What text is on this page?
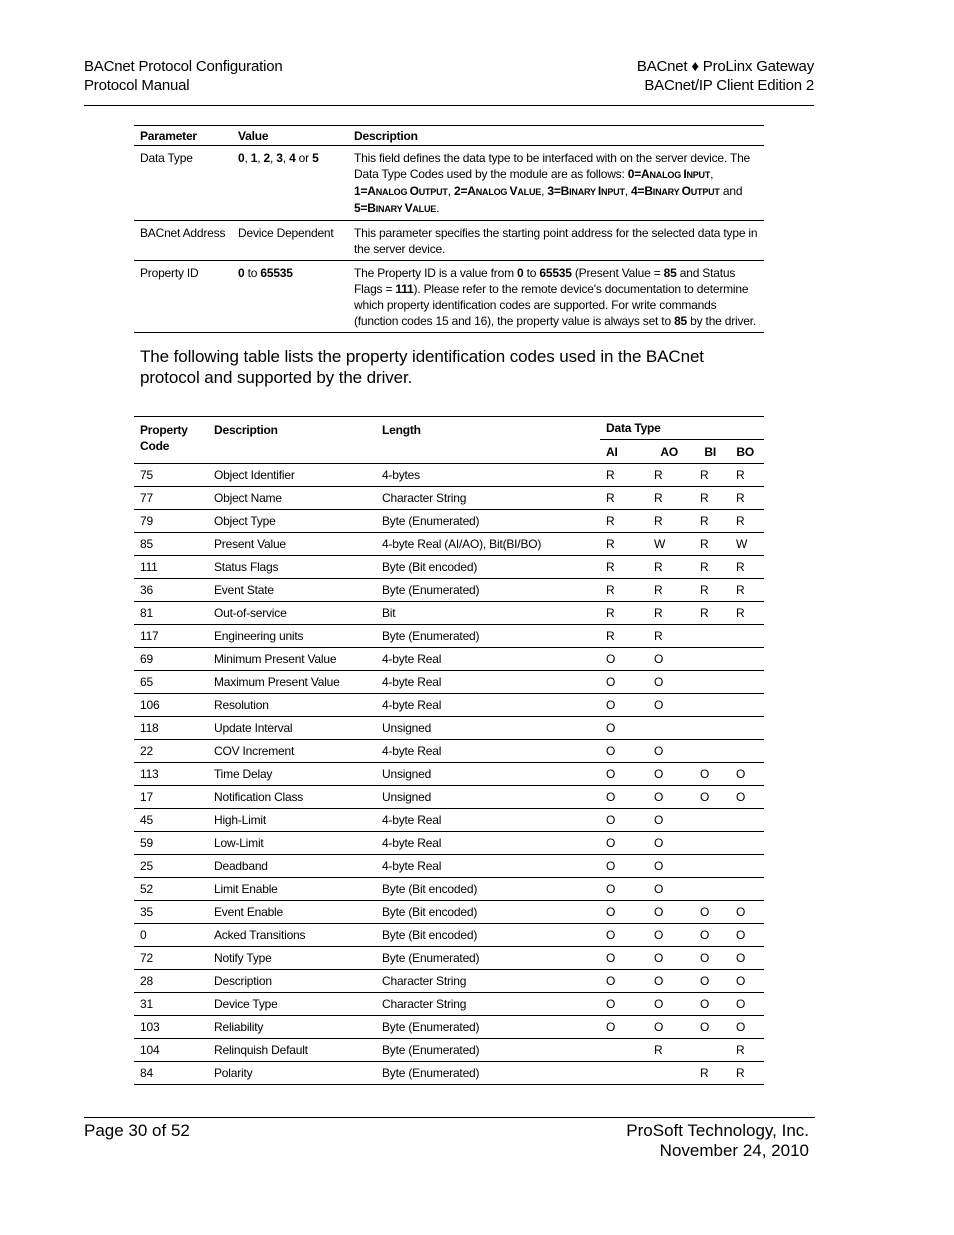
BACnet Protocol Configuration
Protocol Manual
BACnet ♦ ProLinx Gateway
BACnet/IP Client Edition 2
Parameter	Value	Description
Data Type	0, 1, 2, 3, 4 or 5	This field defines the data type to be interfaced with on the server device. The Data Type Codes used by the module are as follows: 0=ANALOG INPUT, 1=ANALOG OUTPUT, 2=ANALOG VALUE, 3=BINARY INPUT, 4=BINARY OUTPUT and 5=BINARY VALUE.
BACnet Address	Device Dependent	This parameter specifies the starting point address for the selected data type in the server device.
Property ID	0 to 65535	The Property ID is a value from 0 to 65535 (Present Value = 85 and Status Flags = 111). Please refer to the remote device's documentation to determine which property identification codes are supported. For write commands (function codes 15 and 16), the property value is always set to 85 by the driver.

The following table lists the property identification codes used in the BACnet protocol and supported by the driver.

Property Code	Description	Length	Data Type			
			AI	AO	BI	BO
75	Object Identifier	4-bytes	R	R	R	R
77	Object Name	Character String	R	R	R	R
79	Object Type	Byte (Enumerated)	R	R	R	R
85	Present Value	4-byte Real (AI/AO), Bit(BI/BO)	R	W	R	W
111	Status Flags	Byte (Bit encoded)	R	R	R	R
36	Event State	Byte (Enumerated)	R	R	R	R
81	Out-of-service	Bit	R	R	R	R
117	Engineering units	Byte (Enumerated)	R	R		
69	Minimum Present Value	4-byte Real	O	O		
65	Maximum Present Value	4-byte Real	O	O		
106	Resolution	4-byte Real	O	O		
118	Update Interval	Unsigned	O			
22	COV Increment	4-byte Real	O	O		
113	Time Delay	Unsigned	O	O	O	O
17	Notification Class	Unsigned	O	O	O	O
45	High-Limit	4-byte Real	O	O		
59	Low-Limit	4-byte Real	O	O		
25	Deadband	4-byte Real	O	O		
52	Limit Enable	Byte (Bit encoded)	O	O		
35	Event Enable	Byte (Bit encoded)	O	O	O	O
0	Acked Transitions	Byte (Bit encoded)	O	O	O	O
72	Notify Type	Byte (Enumerated)	O	O	O	O
28	Description	Character String	O	O	O	O
31	Device Type	Character String	O	O	O	O
103	Reliability	Byte (Enumerated)	O	O	O	O
104	Relinquish Default	Byte (Enumerated)		R		R
84	Polarity	Byte (Enumerated)			R	R
Page 30 of 52	ProSoft Technology, Inc.
November 24, 2010
